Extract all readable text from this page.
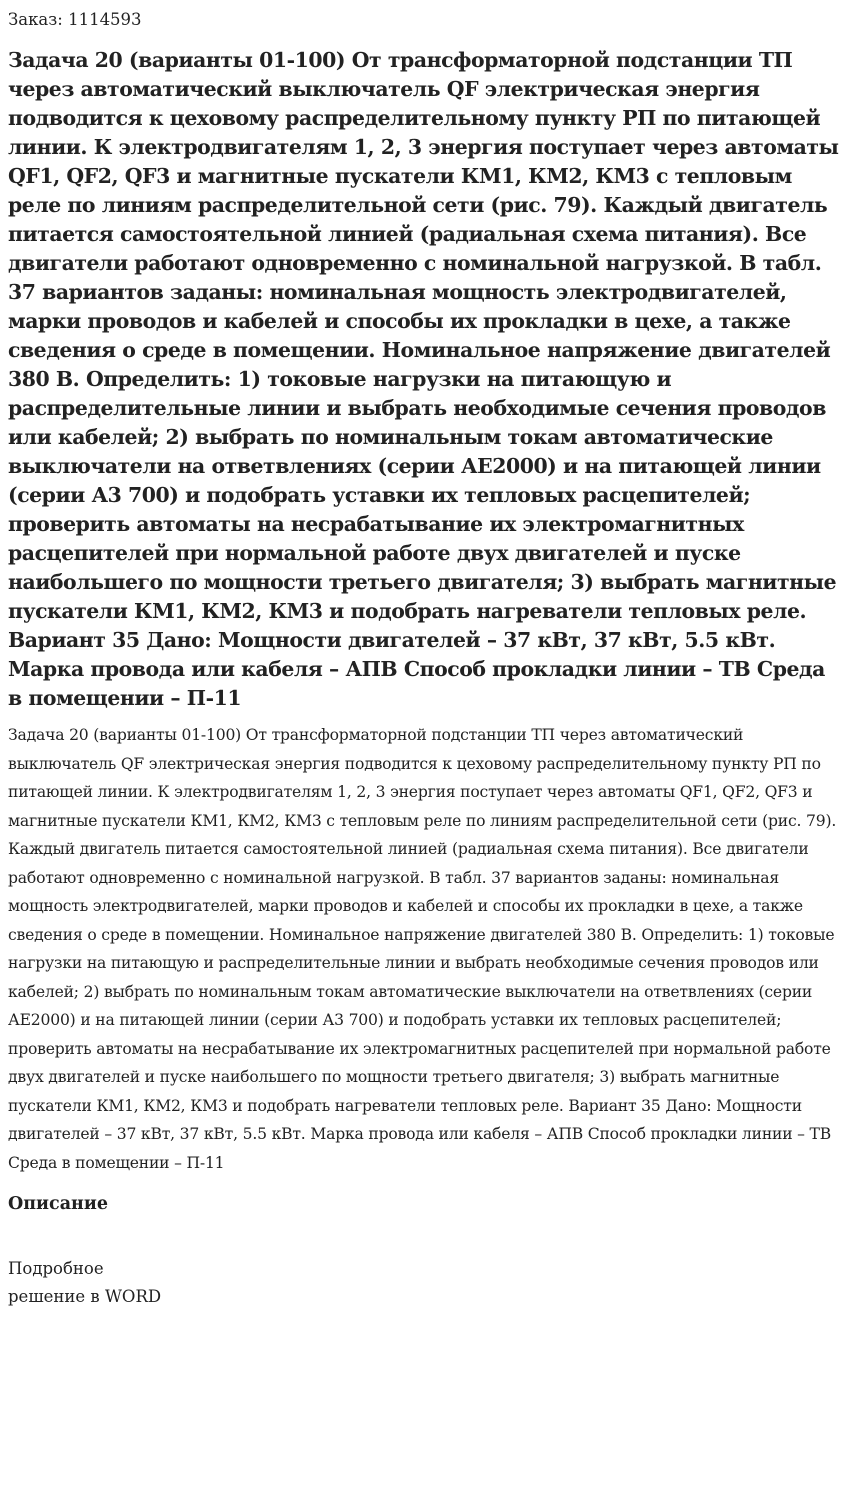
Заказ: 1114593
Задача 20 (варианты 01-100) От трансформаторной подстанции ТП через автоматический выключатель QF электрическая энергия подводится к цеховому распределительному пункту РП по питающей линии. К электродвигателям 1, 2, 3 энергия поступает через автоматы QF1, QF2, QF3 и магнитные пускатели КМ1, КМ2, КМ3 с тепловым реле по линиям распределительной сети (рис. 79). Каждый двигатель питается самостоятельной линией (радиальная схема питания). Все двигатели работают одновременно с номинальной нагрузкой. В табл. 37 вариантов заданы: номинальная мощность электродвигателей, марки проводов и кабелей и способы их прокладки в цехе, а также сведения о среде в помещении. Номинальное напряжение двигателей 380 В. Определить: 1) токовые нагрузки на питающую и распределительные линии и выбрать необходимые сечения проводов или кабелей; 2) выбрать по номинальным токам автоматические выключатели на ответвлениях (серии АЕ2000) и на питающей линии (серии А3 700) и подобрать уставки их тепловых расцепителей; проверить автоматы на несрабатывание их электромагнитных расцепителей при нормальной работе двух двигателей и пуске наибольшего по мощности третьего двигателя; 3) выбрать магнитные пускатели КМ1, КМ2, КМ3 и подобрать нагреватели тепловых реле. Вариант 35 Дано: Мощности двигателей – 37 кВт, 37 кВт, 5.5 кВт. Марка провода или кабеля – АПВ Способ прокладки линии – ТВ Среда в помещении – П-11

Задача 20 (варианты 01-100) От трансформаторной подстанции ТП через автоматический выключатель QF электрическая энергия подводится к цеховому распределительному пункту РП по питающей линии. К электродвигателям 1, 2, 3 энергия поступает через автоматы QF1, QF2, QF3 и магнитные пускатели КМ1, КМ2, КМ3 с тепловым реле по линиям распределительной сети (рис. 79). Каждый двигатель питается самостоятельной линией (радиальная схема питания). Все двигатели работают одновременно с номинальной нагрузкой. В табл. 37 вариантов заданы: номинальная мощность электродвигателей, марки проводов и кабелей и способы их прокладки в цехе, а также сведения о среде в помещении. Номинальное напряжение двигателей 380 В. Определить: 1) токовые нагрузки на питающую и распределительные линии и выбрать необходимые сечения проводов или кабелей; 2) выбрать по номинальным токам автоматические выключатели на ответвлениях (серии АЕ2000) и на питающей линии (серии А3 700) и подобрать уставки их тепловых расцепителей; проверить автоматы на несрабатывание их электромагнитных расцепителей при нормальной работе двух двигателей и пуске наибольшего по мощности третьего двигателя; 3) выбрать магнитные пускатели КМ1, КМ2, КМ3 и подобрать нагреватели тепловых реле. Вариант 35 Дано: Мощности двигателей – 37 кВт, 37 кВт, 5.5 кВт. Марка провода или кабеля – АПВ Способ прокладки линии – ТВ Среда в помещении – П-11

Описание
Подробное
решение в WORD
